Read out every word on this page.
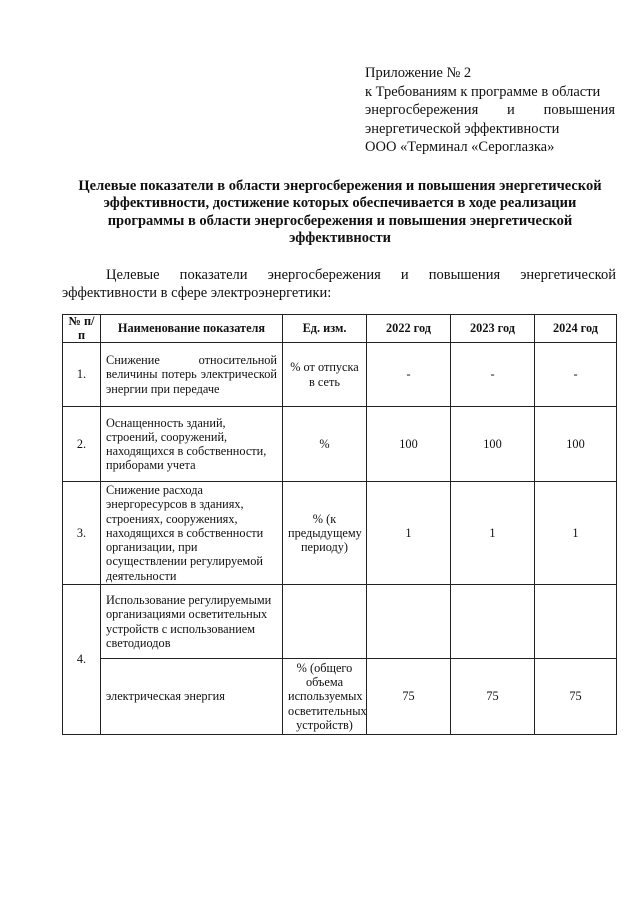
Приложение № 2
к Требованиям к программе в области
энергосбережения и повышения
энергетической эффективности
ООО «Терминал «Сероглазка»
Целевые показатели в области энергосбережения и повышения энергетической
эффективности, достижение которых обеспечивается в ходе реализации
программы в области энергосбережения и повышения энергетической
эффективности
Целевые показатели энергосбережения и повышения энергетической
эффективности в сфере электроэнергетики:
№ п/п	Наименование показателя	Ед. изм.	2022 год	2023 год	2024 год
1.	Снижение относительной величины потерь электрической энергии при передаче	% от отпуска в сеть	-	-	-
2.	Оснащенность зданий, строений, сооружений, находящихся в собственности, приборами учета	%	100	100	100
3.	Снижение расхода энергоресурсов в зданиях, строениях, сооружениях, находящихся в собственности организации, при осуществлении регулируемой деятельности	% (к предыдущему периоду)	1	1	1
4.	Использование регулируемыми организациями осветительных устройств с использованием светодиодов				
	электрическая энергия	% (общего объема используемых осветительных устройств)	75	75	75
